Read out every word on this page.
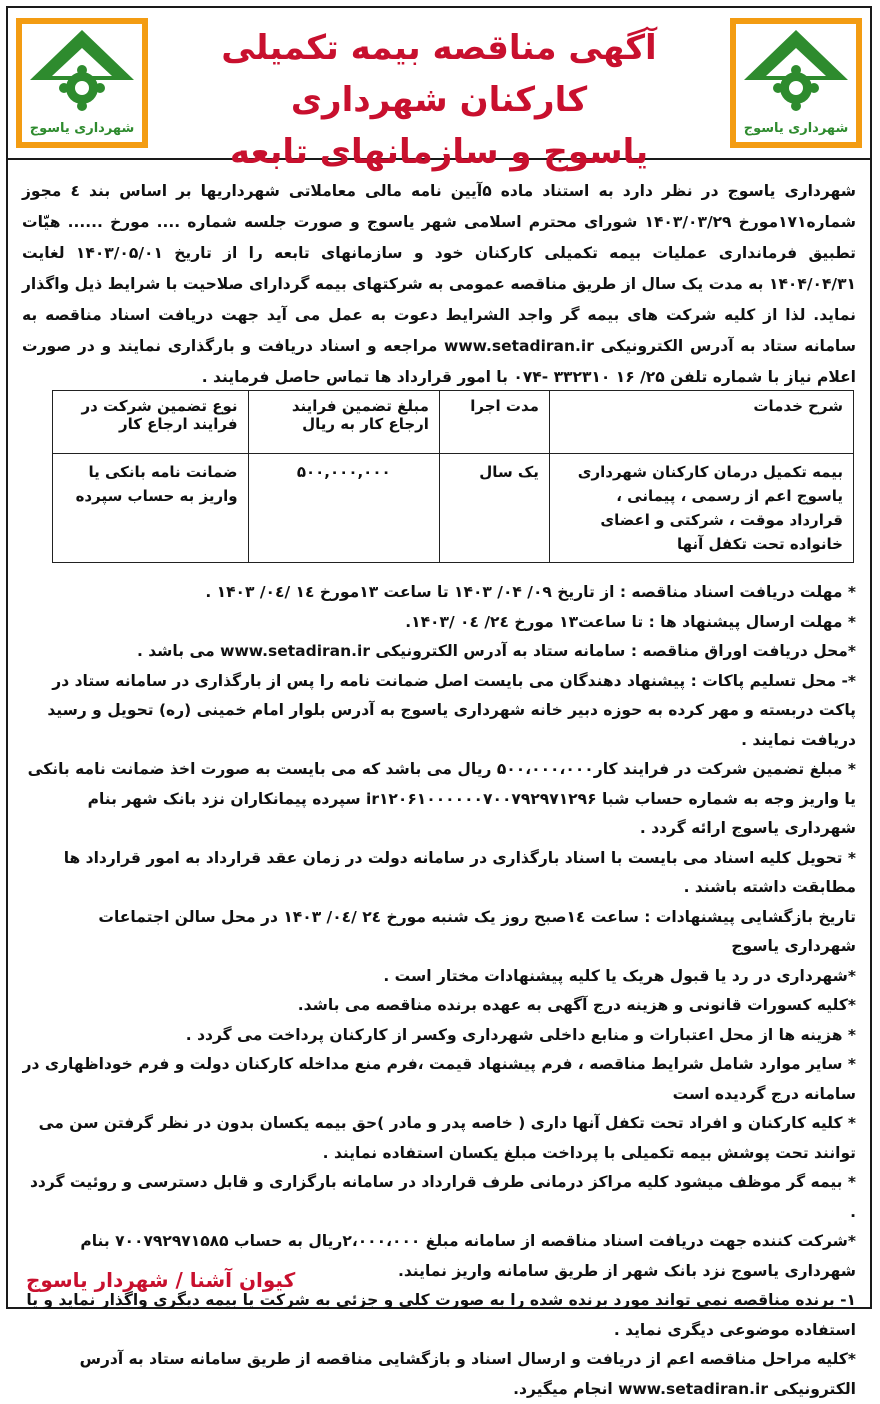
شهرداری یاسوج
آگهی مناقصه بیمه تکمیلی کارکنان شهرداری
یاسوج و سازمانهای تابعه
شهرداری یاسوج
شهرداری یاسوج در نظر دارد به استناد ماده ۵آیین نامه مالی معاملاتی شهرداریها بر اساس بند ٤ مجوز شماره۱۷۱مورخ ۱۴۰۳/۰۳/۲۹ شورای محترم اسلامی شهر یاسوج و صورت جلسه شماره .... مورخ ...... هیّات تطبیق فرمانداری عملیات بیمه تکمیلی کارکنان خود و سازمانهای تابعه را از تاریخ ۱۴۰۳/۰۵/۰۱ لغایت ۱۴۰۴/۰۴/۳۱ به مدت یک سال از طریق مناقصه عمومی به شرکتهای بیمه گردارای صلاحیت با شرایط ذیل واگذار نماید. لذا از کلیه شرکت های بیمه گر واجد الشرایط دعوت به عمل می آید جهت دریافت اسناد مناقصه به سامانه ستاد به آدرس الکترونیکی www.setadiran.ir مراجعه و اسناد دریافت و بارگذاری نمایند و در صورت اعلام نیاز با شماره تلفن ۲۵/ ۱۶ ۳۳۲۳۱۰ -۰۷۴ با امور قرارداد ها تماس حاصل فرمایند .
شرح خدمات	مدت اجرا	مبلغ تضمین فرایند ارجاع کار به ریال	نوع تضمین شرکت در فرایند ارجاع کار
بیمه تکمیل درمان کارکنان شهرداری یاسوج اعم از رسمی ، پیمانی ، قرارداد موقت ، شرکتی و اعضای خانواده تحت تکفل آنها	یک سال	۵۰۰,۰۰۰,۰۰۰	ضمانت نامه بانکی یا واریز به حساب سپرده

* مهلت دریافت اسناد مناقصه : از تاریخ ۰۹/ ۰۴/ ۱۴۰۳ تا ساعت ۱۳مورخ ۱٤ /۰٤/ ۱۴۰۳ .

* مهلت ارسال پیشنهاد ها : تا ساعت۱۳ مورخ ۲٤/ ۰٤ /۱۴۰۳.

*محل دریافت اوراق مناقصه : سامانه ستاد به آدرس الکترونیکی www.setadiran.ir می باشد .

*- محل تسلیم پاکات : پیشنهاد دهندگان می بایست اصل ضمانت نامه را پس از بارگذاری در سامانه ستاد در پاکت دربسته و مهر کرده به حوزه دبیر خانه شهرداری یاسوج به آدرس بلوار امام خمینی (ره) تحویل و رسید دریافت نمایند .

* مبلغ تضمین شرکت در فرایند کار۵۰۰،۰۰۰،۰۰۰ ریال می باشد که می بایست به صورت اخذ ضمانت نامه بانکی یا واریز وجه به شماره حساب شبا ir۱۲۰۶۱۰۰۰۰۰۰۷۰۰۷۹۲۹۷۱۲۹۶ سپرده پیمانکاران نزد بانک شهر بنام شهرداری یاسوج ارائه گردد .

* تحویل کلیه اسناد می بایست با اسناد بارگذاری در سامانه دولت در زمان عقد قرارداد به امور قرارداد ها مطابقت داشته باشند .

تاریخ بازگشایی پیشنهادات : ساعت ۱٤صبح روز یک شنبه مورخ ۲٤ /۰٤/ ۱۴۰۳ در محل سالن اجتماعات شهرداری یاسوج

*شهرداری در رد یا قبول هریک یا کلیه پیشنهادات مختار است .

*کلیه کسورات قانونی و هزینه درج آگهی به عهده برنده مناقصه می باشد.

* هزینه ها از محل اعتبارات و منابع داخلی شهرداری وکسر از کارکنان پرداخت می گردد .

* سایر موارد شامل شرایط مناقصه ، فرم پیشنهاد قیمت ،فرم منع مداخله کارکنان دولت و فرم خوداظهاری در سامانه درج گردیده است

* کلیه کارکنان و افراد تحت تکفل آنها داری ( خاصه پدر و مادر )حق بیمه یکسان بدون در نظر گرفتن سن می توانند تحت پوشش بیمه تکمیلی با پرداخت مبلغ یکسان استفاده نمایند .

* بیمه گر موظف میشود کلیه مراکز درمانی طرف قرارداد در سامانه بارگزاری و قابل دسترسی و روئیت گردد .

*شرکت کننده جهت دریافت اسناد مناقصه از سامانه مبلغ ۲،۰۰۰،۰۰۰ریال به حساب ۷۰۰۷۹۲۹۷۱۵۸۵ بنام شهرداری یاسوج نزد بانک شهر از طریق سامانه واریز نمایند.

۱- برنده مناقصه نمی تواند مورد برنده شده را به صورت کلی و جزئی به شرکت یا بیمه دیگری واگذار نماید و یا استفاده موضوعی دیگری نماید .

*کلیه مراحل مناقصه اعم از دریافت و ارسال اسناد و بازگشایی مناقصه از طریق سامانه ستاد به آدرس الکترونیکی www.setadiran.ir انجام میگیرد.

کیوان آشنا / شهردار یاسوج
